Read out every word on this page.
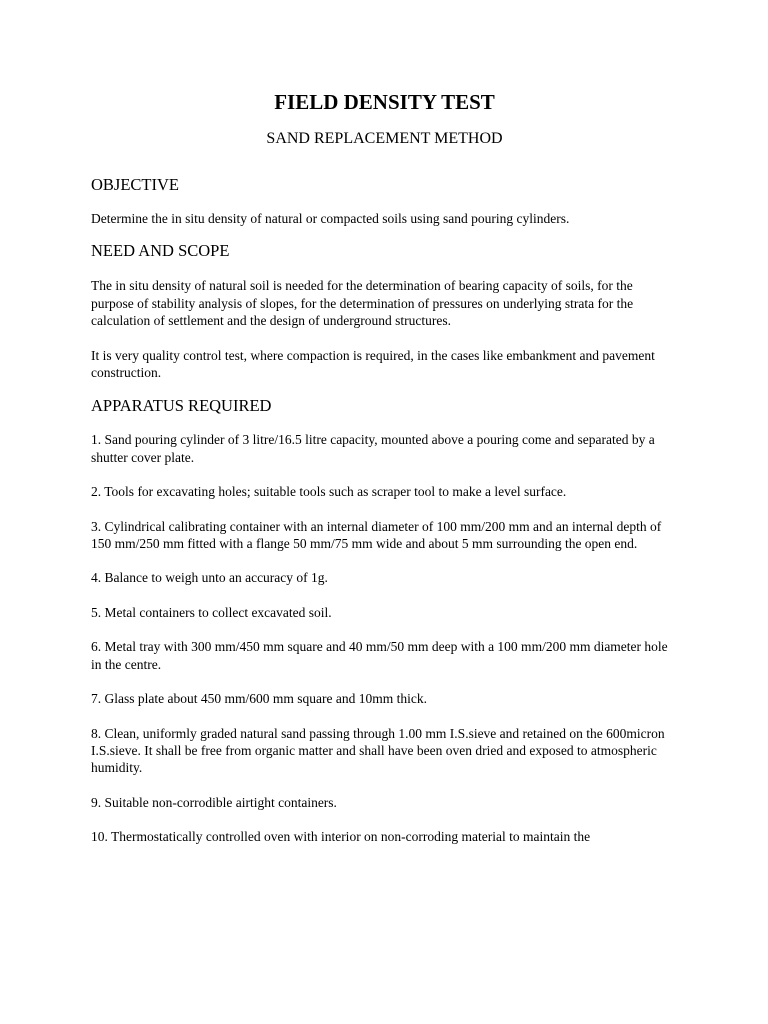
FIELD DENSITY TEST
SAND REPLACEMENT METHOD
OBJECTIVE

Determine the in situ density of natural or compacted soils using sand pouring cylinders.

NEED AND SCOPE

The in situ density of natural soil is needed for the determination of bearing capacity of soils, for the purpose of stability analysis of slopes, for the determination of pressures on underlying strata for the calculation of settlement and the design of underground structures.

It is very quality control test, where compaction is required, in the cases like embankment and pavement construction.

APPARATUS REQUIRED
1. Sand pouring cylinder of 3 litre/16.5 litre capacity, mounted above a pouring come and separated by a shutter cover plate.
2. Tools for excavating holes; suitable tools such as scraper tool to make a level surface.
3. Cylindrical calibrating container with an internal diameter of 100 mm/200 mm and an internal depth of 150 mm/250 mm fitted with a flange 50 mm/75 mm wide and about 5 mm surrounding the open end.
4. Balance to weigh unto an accuracy of 1g.
5. Metal containers to collect excavated soil.
6. Metal tray with 300 mm/450 mm square and 40 mm/50 mm deep with a 100 mm/200 mm diameter hole in the centre.
7. Glass plate about 450 mm/600 mm square and 10mm thick.
8. Clean, uniformly graded natural sand passing through 1.00 mm I.S.sieve and retained on the 600micron I.S.sieve. It shall be free from organic matter and shall have been oven dried and exposed to atmospheric humidity.
9. Suitable non-corrodible airtight containers.
10. Thermostatically controlled oven with interior on non-corroding material to maintain the
